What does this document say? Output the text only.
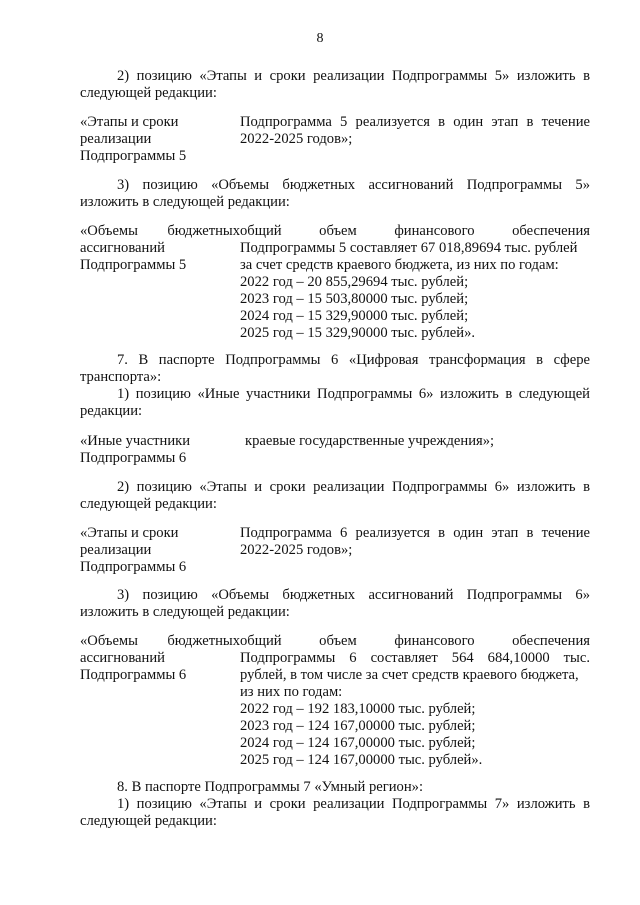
8

2) позицию «Этапы и сроки реализации Подпрограммы 5» изложить в

следующей редакции:
«Этапы и сроки
реализации
Подпрограммы 5
Подпрограмма 5 реализуется в один этап в течение
2022-2025 годов»;

3) позицию «Объемы бюджетных ассигнований Подпрограммы 5»

изложить в следующей редакции:
«Объемы бюджетных
ассигнований
Подпрограммы 5
общий объем финансового обеспечения
Подпрограммы 5 составляет 67 018,89694 тыс. рублей
за счет средств краевого бюджета, из них по годам:
2022 год – 20 855,29694 тыс. рублей;
2023 год – 15 503,80000 тыс. рублей;
2024 год – 15 329,90000 тыс. рублей;
2025 год – 15 329,90000 тыс. рублей».

7. В паспорте Подпрограммы 6 «Цифровая трансформация в сфере

транспорта»:

1) позицию «Иные участники Подпрограммы 6» изложить в следующей

редакции:
«Иные участники
Подпрограммы 6
краевые государственные учреждения»;

2) позицию «Этапы и сроки реализации Подпрограммы 6» изложить в

следующей редакции:
«Этапы и сроки
реализации
Подпрограммы 6
Подпрограмма 6 реализуется в один этап в течение
2022-2025 годов»;

3) позицию «Объемы бюджетных ассигнований Подпрограммы 6»

изложить в следующей редакции:
«Объемы бюджетных
ассигнований
Подпрограммы 6
общий объем финансового обеспечения
Подпрограммы 6 составляет 564 684,10000 тыс.
рублей, в том числе за счет средств краевого бюджета,
из них по годам:
2022 год – 192 183,10000 тыс. рублей;
2023 год – 124 167,00000 тыс. рублей;
2024 год – 124 167,00000 тыс. рублей;
2025 год – 124 167,00000 тыс. рублей».

8. В паспорте Подпрограммы 7 «Умный регион»:

1) позицию «Этапы и сроки реализации Подпрограммы 7» изложить в

следующей редакции:
